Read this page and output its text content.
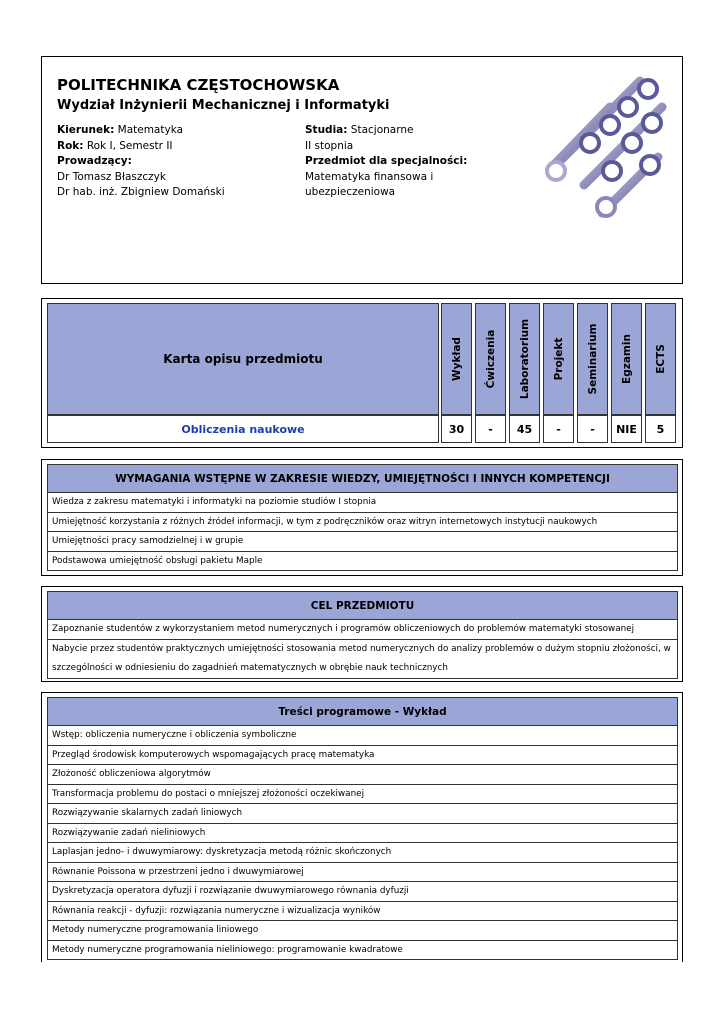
POLITECHNIKA CZĘSTOCHOWSKA
Wydział Inżynierii Mechanicznej i Informatyki
Kierunek: Matematyka
Rok: Rok I, Semestr II
Prowadzący:
Dr Tomasz Błaszczyk
Dr hab. inż. Zbigniew Domański
Studia: Stacjonarne
II stopnia
Przedmiot dla specjalności:
Matematyka finansowa i
ubezpieczeniowa
Karta opisu przedmiotu
Obliczenia naukowe
Wykład Ćwiczenia Laboratorium Projekt Seminarium Egzamin ECTS
30	-	45	-	-	NIE	5
WYMAGANIA WSTĘPNE W ZAKRESIE WIEDZY, UMIEJĘTNOŚCI I INNYCH KOMPETENCJI
Wiedza z zakresu matematyki i informatyki na poziomie studiów I stopnia
Umiejętność korzystania z różnych źródeł informacji, w tym z podręczników oraz witryn internetowych instytucji naukowych
Umiejętności pracy samodzielnej i w grupie
Podstawowa umiejętność obsługi pakietu Maple
CEL PRZEDMIOTU
Zapoznanie studentów z wykorzystaniem metod numerycznych i programów obliczeniowych do problemów matematyki stosowanej
Nabycie przez studentów praktycznych umiejętności stosowania metod numerycznych do analizy problemów o dużym stopniu złożoności, w szczególności w odniesieniu do zagadnień matematycznych w obrębie nauk technicznych
Treści programowe - Wykład
Wstęp: obliczenia numeryczne i obliczenia symboliczne
Przegląd środowisk komputerowych wspomagających pracę matematyka
Złożoność obliczeniowa algorytmów
Transformacja problemu do postaci o mniejszej złożoności oczekiwanej
Rozwiązywanie skalarnych zadań liniowych
Rozwiązywanie zadań nieliniowych
Laplasjan jedno- i dwuwymiarowy: dyskretyzacja metodą różnic skończonych
Równanie Poissona w przestrzeni jedno i dwuwymiarowej
Dyskretyzacja operatora dyfuzji i rozwiązanie dwuwymiarowego równania dyfuzji
Równania reakcji - dyfuzji: rozwiązania numeryczne i wizualizacja wyników
Metody numeryczne programowania liniowego
Metody numeryczne programowania nieliniowego: programowanie kwadratowe
